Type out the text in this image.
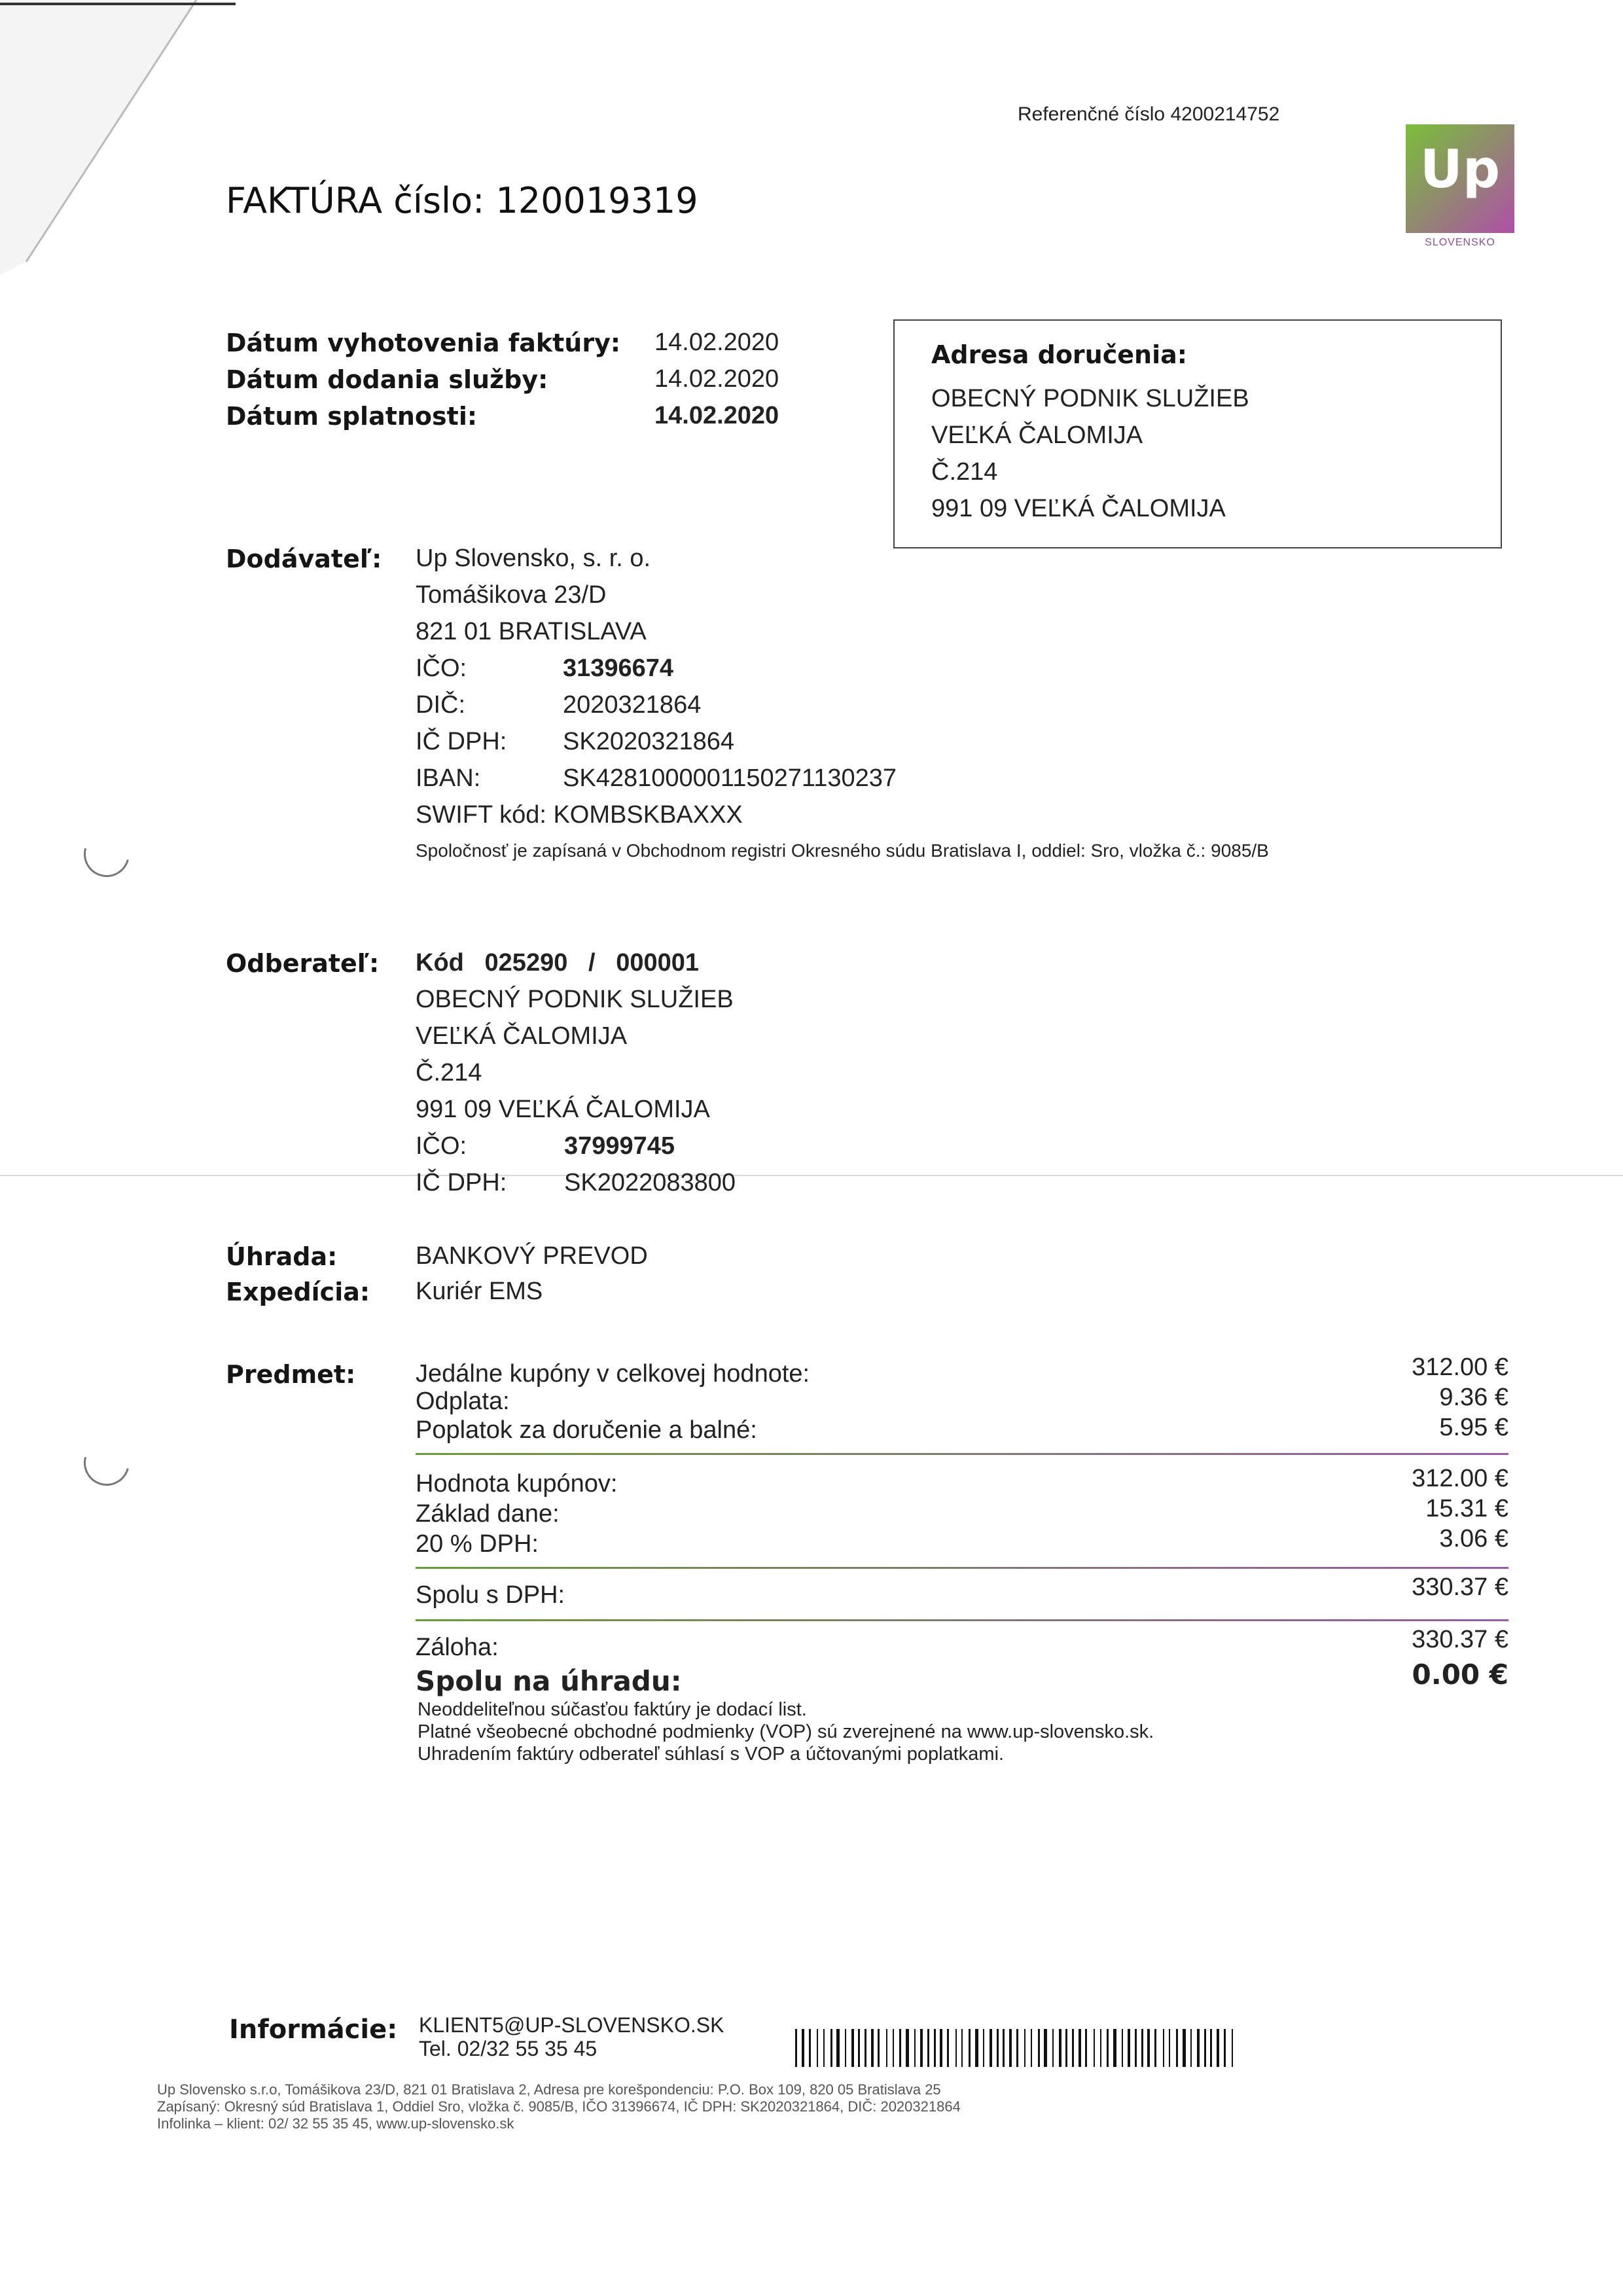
Referenčné číslo 4200214752
Up
SLOVENSKO
FAKTÚRA číslo: 120019319
Dátum vyhotovenia faktúry: 14.02.2020
Dátum dodania služby:	14.02.2020
Dátum splatnosti:	14.02.2020
Adresa doručenia:
OBECNÝ PODNIK SLUŽIEB
VEĽKÁ ČALOMIJA
Č.214
991 09 VEĽKÁ ČALOMIJA
Dodávateľ: Up Slovensko, s. r. o.
Tomášikova 23/D
821 01 BRATISLAVA
IČO:	31396674
DIČ:	2020321864
IČ DPH: SK2020321864
IBAN:	SK4281000001150271130237
SWIFT kód: KOMBSKBAXXX
Spoločnosť je zapísaná v Obchodnom registri Okresného súdu Bratislava I, oddiel: Sro, vložka č.: 9085/B
Odberateľ: Kód   025290   /   000001
OBECNÝ PODNIK SLUŽIEB
VEĽKÁ ČALOMIJA
Č.214
991 09 VEĽKÁ ČALOMIJA
IČO:	37999745
IČ DPH: SK2022083800
Úhrada:	BANKOVÝ PREVOD
Expedícia: Kuriér EMS
Predmet: Jedálne kupóny v celkovej hodnote:	312.00 €
Odplata:	9.36 €
Poplatok za doručenie a balné:	5.95 €
Hodnota kupónov:	312.00 €
Základ dane:	15.31 €
20 % DPH:	3.06 €
Spolu s DPH:	330.37 €
Záloha:	330.37 €
Spolu na úhradu:	0.00 €
Neoddeliteľnou súčasťou faktúry je dodací list.
Platné všeobecné obchodné podmienky (VOP) sú zverejnené na www.up-slovensko.sk.
Uhradením faktúry odberateľ súhlasí s VOP a účtovanými poplatkami.
Informácie: KLIENT5@UP-SLOVENSKO.SK
Tel. 02/32 55 35 45
Up Slovensko s.r.o, Tomášikova 23/D, 821 01 Bratislava 2, Adresa pre korešpondenciu: P.O. Box 109, 820 05 Bratislava 25
Zapísaný: Okresný súd Bratislava 1, Oddiel Sro, vložka č. 9085/B, IČO 31396674, IČ DPH: SK2020321864, DIČ: 2020321864
Infolinka – klient: 02/ 32 55 35 45, www.up-slovensko.sk
